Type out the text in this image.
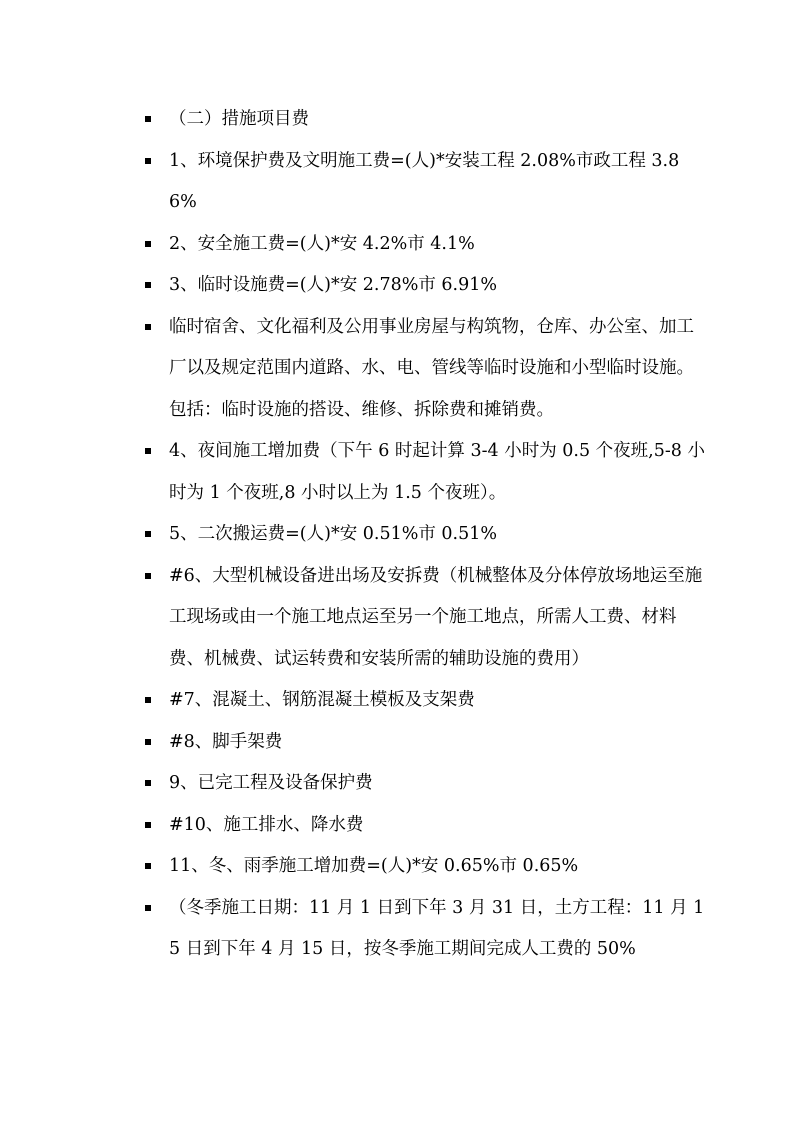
（二）措施项目费
1、环境保护费及文明施工费=(人)*安装工程 2.08%市政工程 3.86%
2、安全施工费=(人)*安 4.2%市 4.1%
3、临时设施费=(人)*安 2.78%市 6.91%
临时宿舍、文化福利及公用事业房屋与构筑物，仓库、办公室、加工厂以及规定范围内道路、水、电、管线等临时设施和小型临时设施。包括：临时设施的搭设、维修、拆除费和摊销费。
4、夜间施工增加费（下午 6 时起计算 3-4 小时为 0.5 个夜班,5-8 小时为 1 个夜班,8 小时以上为 1.5 个夜班）。
5、二次搬运费=(人)*安 0.51%市 0.51%
#6、大型机械设备进出场及安拆费（机械整体及分体停放场地运至施工现场或由一个施工地点运至另一个施工地点，所需人工费、材料费、机械费、试运转费和安装所需的辅助设施的费用）
#7、混凝土、钢筋混凝土模板及支架费
#8、脚手架费
9、已完工程及设备保护费
#10、施工排水、降水费
11、冬、雨季施工增加费=(人)*安 0.65%市 0.65%
（冬季施工日期：11 月 1 日到下年 3 月 31 日，土方工程：11 月 15 日到下年 4 月 15 日，按冬季施工期间完成人工费的 50%
